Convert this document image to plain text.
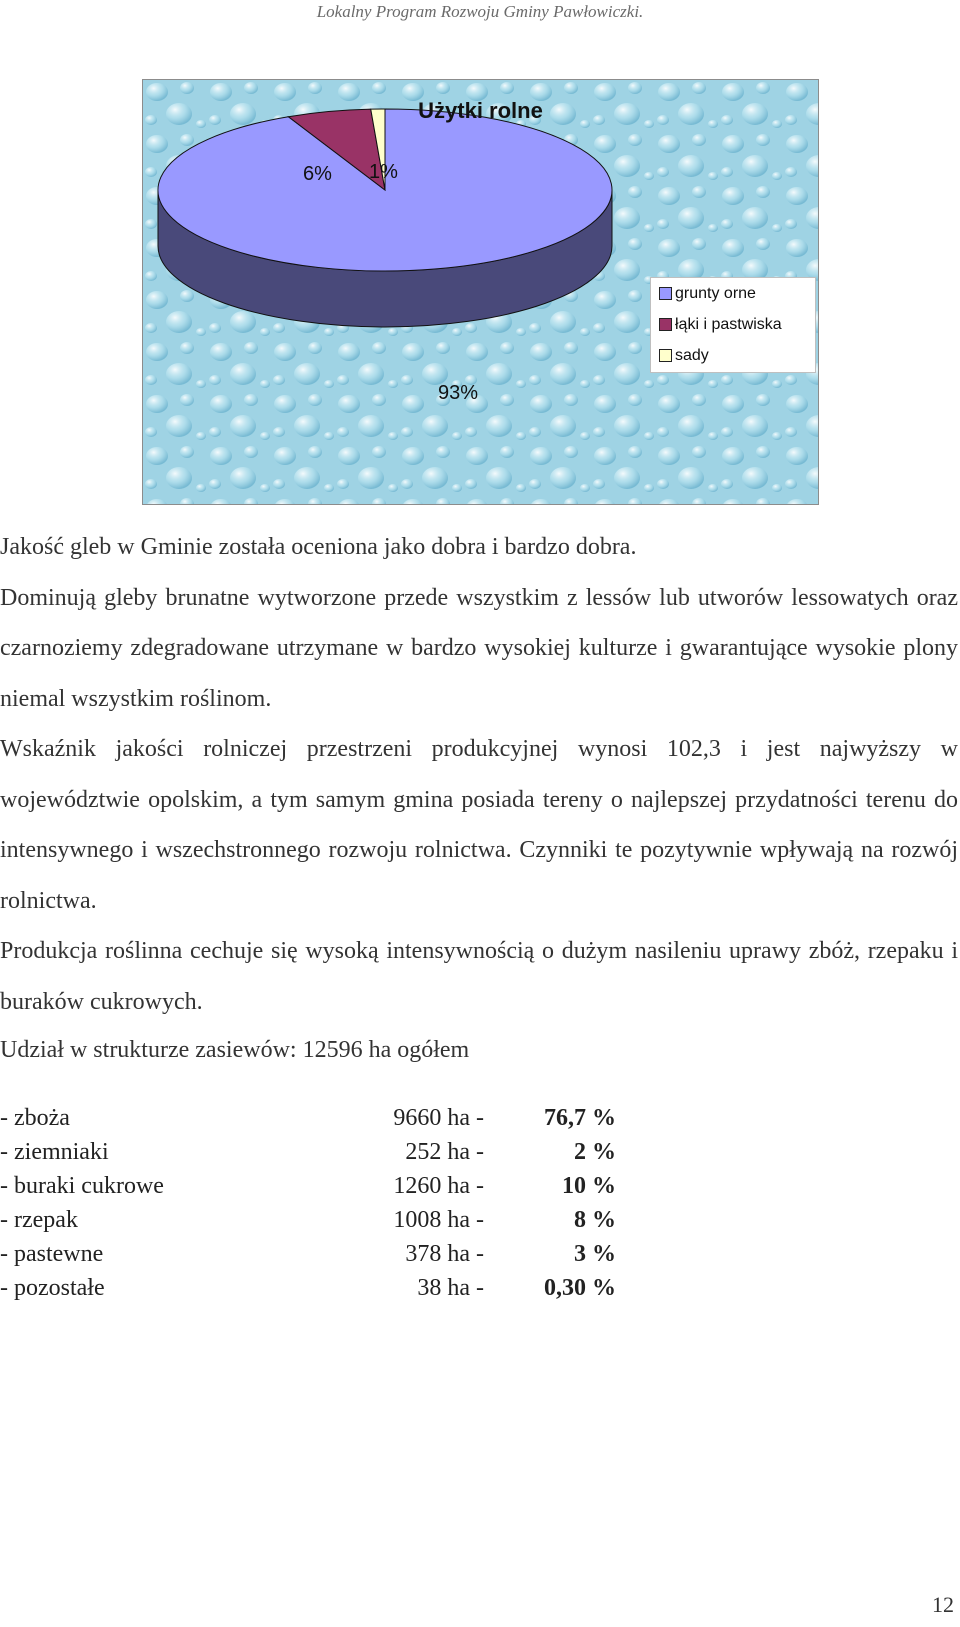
Lokalny Program Rozwoju Gminy Pawłowiczki.
Użytki rolne
6% 1%
93%
grunty orne
łąki i pastwiska
sady

Jakość gleb w Gminie została oceniona jako dobra i bardzo dobra.

Dominują gleby brunatne wytworzone przede wszystkim z lessów lub utworów lessowatych oraz czarnoziemy zdegradowane utrzymane w bardzo wysokiej kulturze i gwarantujące wysokie plony niemal wszystkim roślinom.

Wskaźnik jakości rolniczej przestrzeni produkcyjnej wynosi 102,3 i jest najwyższy w województwie opolskim, a tym samym gmina posiada tereny o najlepszej przydatności terenu do intensywnego i wszechstronnego rozwoju rolnictwa. Czynniki te pozytywnie wpływają na rozwój rolnictwa.

Produkcja roślinna cechuje się wysoką intensywnością o dużym nasileniu uprawy zbóż, rzepaku i buraków cukrowych.

Udział w strukturze zasiewów: 12596 ha ogółem
- zboża	9660 ha -	76,7 %
- ziemniaki	252 ha -	2 %
- buraki cukrowe	1260 ha -	10 %
- rzepak	1008 ha -	8 %
- pastewne	378 ha -	3 %
- pozostałe	38 ha -	0,30 %
12
